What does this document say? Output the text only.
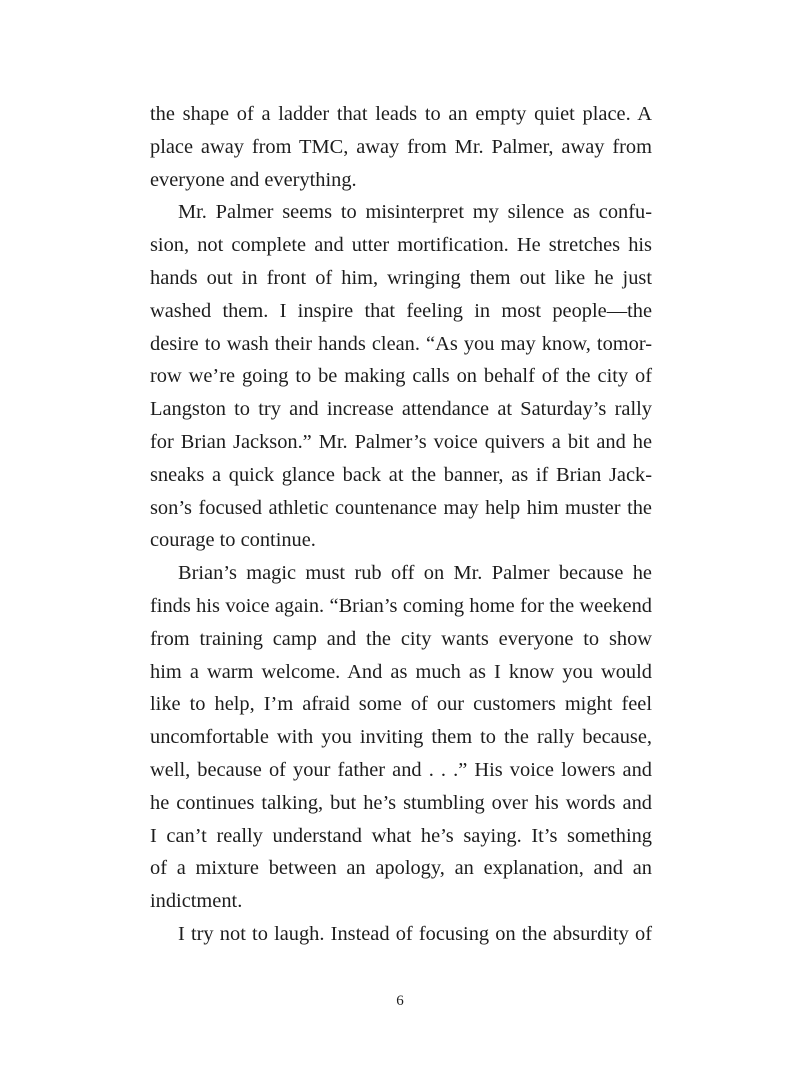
the shape of a ladder that leads to an empty quiet place. A
place away from TMC, away from Mr. Palmer, away from
everyone and everything.
Mr. Palmer seems to misinterpret my silence as confu-
sion, not complete and utter mortification. He stretches his
hands out in front of him, wringing them out like he just
washed them. I inspire that feeling in most people—the
desire to wash their hands clean. “As you may know, tomor-
row we’re going to be making calls on behalf of the city of
Langston to try and increase attendance at Saturday’s rally
for Brian Jackson.” Mr. Palmer’s voice quivers a bit and he
sneaks a quick glance back at the banner, as if Brian Jack-
son’s focused athletic countenance may help him muster the
courage to continue.
Brian’s magic must rub off on Mr. Palmer because he
finds his voice again. “Brian’s coming home for the weekend
from training camp and the city wants everyone to show
him a warm welcome. And as much as I know you would
like to help, I’m afraid some of our customers might feel
uncomfortable with you inviting them to the rally because,
well, because of your father and . . .” His voice lowers and
he continues talking, but he’s stumbling over his words and
I can’t really understand what he’s saying. It’s something
of a mixture between an apology, an explanation, and an
indictment.
I try not to laugh. Instead of focusing on the absurdity of
6
